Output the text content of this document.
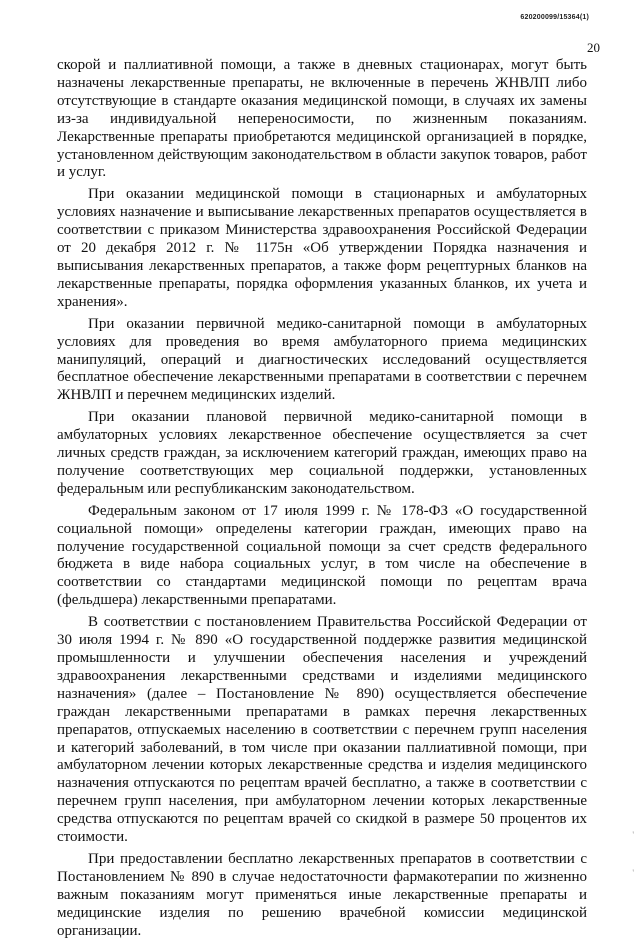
620200099/15364(1)
20

скорой и паллиативной помощи, а также в дневных стационарах, могут быть назначены лекарственные препараты, не включенные в перечень ЖНВЛП либо отсутствующие в стандарте оказания медицинской помощи, в случаях их замены из-за индивидуальной непереносимости, по жизненным показаниям. Лекарственные препараты приобретаются медицинской организацией в порядке, установленном действующим законодательством в области закупок товаров, работ и услуг.

При оказании медицинской помощи в стационарных и амбулаторных условиях назначение и выписывание лекарственных препаратов осуществляется в соответствии с приказом Министерства здравоохранения Российской Федерации от 20 декабря 2012 г. № 1175н «Об утверждении Порядка назначения и выписывания лекарственных препаратов, а также форм рецептурных бланков на лекарственные препараты, порядка оформления указанных бланков, их учета и хранения».

При оказании первичной медико-санитарной помощи в амбулаторных условиях для проведения во время амбулаторного приема медицинских манипуляций, операций и диагностических исследований осуществляется бесплатное обеспечение лекарственными препаратами в соответствии с перечнем ЖНВЛП и перечнем медицинских изделий.

При оказании плановой первичной медико-санитарной помощи в амбулаторных условиях лекарственное обеспечение осуществляется за счет личных средств граждан, за исключением категорий граждан, имеющих право на получение соответствующих мер социальной поддержки, установленных федеральным или республиканским законодательством.

Федеральным законом от 17 июля 1999 г. № 178-ФЗ «О государственной социальной помощи» определены категории граждан, имеющих право на получение государственной социальной помощи за счет средств федерального бюджета в виде набора социальных услуг, в том числе на обеспечение в соответствии со стандартами медицинской помощи по рецептам врача (фельдшера) лекарственными препаратами.

В соответствии с постановлением Правительства Российской Федерации от 30 июля 1994 г. № 890 «О государственной поддержке развития медицинской промышленности и улучшении обеспечения населения и учреждений здравоохранения лекарственными средствами и изделиями медицинского назначения» (далее – Постановление № 890) осуществляется обеспечение граждан лекарственными препаратами в рамках перечня лекарственных препаратов, отпускаемых населению в соответствии с перечнем групп населения и категорий заболеваний, в том числе при оказании паллиативной помощи, при амбулаторном лечении которых лекарственные средства и изделия медицинского назначения отпускаются по рецептам врачей бесплатно, а также в соответствии с перечнем групп населения, при амбулаторном лечении которых лекарственные средства отпускаются по рецептам врачей со скидкой в размере 50 процентов их стоимости.

При предоставлении бесплатно лекарственных препаратов в соответствии с Постановлением № 890 в случае недостаточности фармакотерапии по жизненно важным показаниям могут применяться иные лекарственные препараты и медицинские изделия по решению врачебной комиссии медицинской организации.

'
'
